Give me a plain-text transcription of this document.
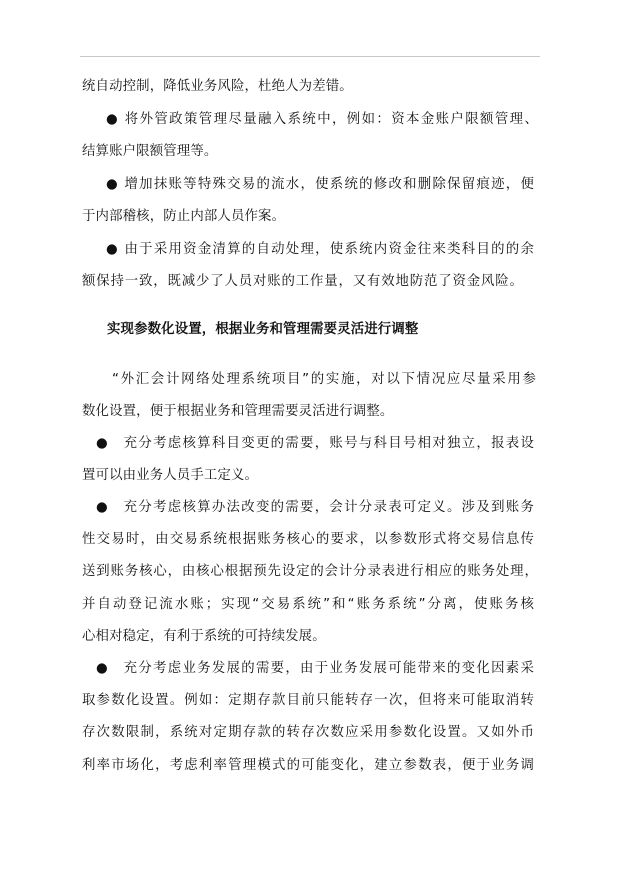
统自动控制，降低业务风险，杜绝人为差错。
● 将外管政策管理尽量融入系统中，例如：资本金账户限额管理、
结算账户限额管理等。
● 增加抹账等特殊交易的流水，使系统的修改和删除保留痕迹，便
于内部稽核，防止内部人员作案。
● 由于采用资金清算的自动处理，使系统内资金往来类科目的的余
额保持一致，既减少了人员对账的工作量，又有效地防范了资金风险。
实现参数化设置，根据业务和管理需要灵活进行调整
“外汇会计网络处理系统项目”的实施，对以下情况应尽量采用参
数化设置，便于根据业务和管理需要灵活进行调整。
●　充分考虑核算科目变更的需要，账号与科目号相对独立，报表设
置可以由业务人员手工定义。
●　充分考虑核算办法改变的需要，会计分录表可定义。涉及到账务
性交易时，由交易系统根据账务核心的要求，以参数形式将交易信息传
送到账务核心，由核心根据预先设定的会计分录表进行相应的账务处理，
并自动登记流水账；实现“交易系统”和“账务系统”分离，使账务核
心相对稳定，有利于系统的可持续发展。
●　充分考虑业务发展的需要，由于业务发展可能带来的变化因素采
取参数化设置。例如：定期存款目前只能转存一次，但将来可能取消转
存次数限制，系统对定期存款的转存次数应采用参数化设置。又如外币
利率市场化，考虑利率管理模式的可能变化，建立参数表，便于业务调
